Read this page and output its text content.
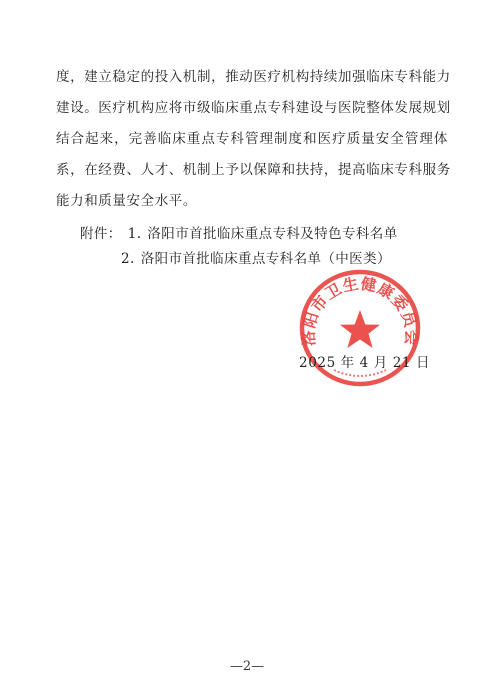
度，建立稳定的投入机制，推动医疗机构持续加强临床专科能力
建设。医疗机构应将市级临床重点专科建设与医院整体发展规划
结合起来，完善临床重点专科管理制度和医疗质量安全管理体
系，在经费、人才、机制上予以保障和扶持，提高临床专科服务
能力和质量安全水平。
附件： 1. 洛阳市首批临床重点专科及特色专科名单
2. 洛阳市首批临床重点专科名单（中医类）
洛阳市卫生健康委员会
2025 年 4 月 21 日
—2—
